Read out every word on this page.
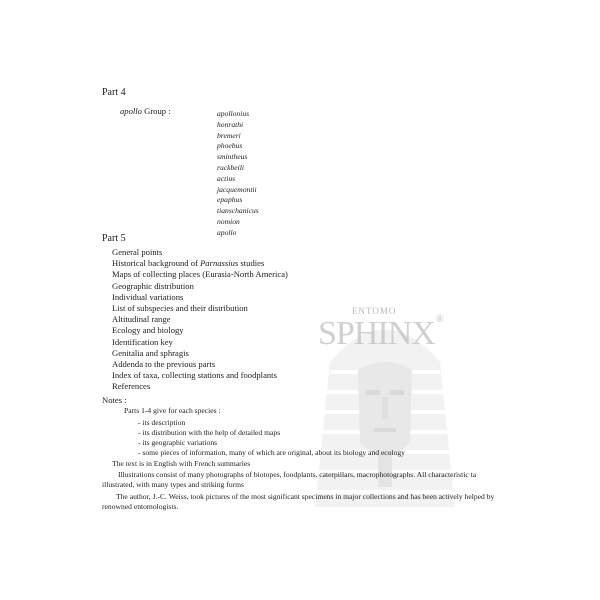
ENTOMO
SPHINX ®
Part 4
apollo Group :	apollonius
honrathi
bremeri
phoebus
smintheus
ruckbeili
actius
jacquemontii
epaphus
tianschanicus
nomion
apollo
Part 5
General points
Historical background of Parnassius studies
Maps of collecting places (Eurasia-North America)
Geographic distribution
Individual variations
List of subspecies and their distribution
Altitudinal range
Ecology and biology
Identification key
Genitalia and sphragis
Addenda to the previous parts
Index of taxa, collecting stations and foodplants
References
Notes :
Parts 1-4 give for each species :
- its description
- its distribution with the help of detailed maps
- its geographic variations
- some pieces of information, many of which are original, about its biology and ecology
The text is in English with French summaries
Illustrations consist of many photographs of biotopes, foodplants, caterpillars, macrophotographs. All characteristic ta
illustrated, with many types and striking forms
The author, J.-C. Weiss, took pictures of the most significant specimens in major collections and has been actively helped by
renowned entomologists.
